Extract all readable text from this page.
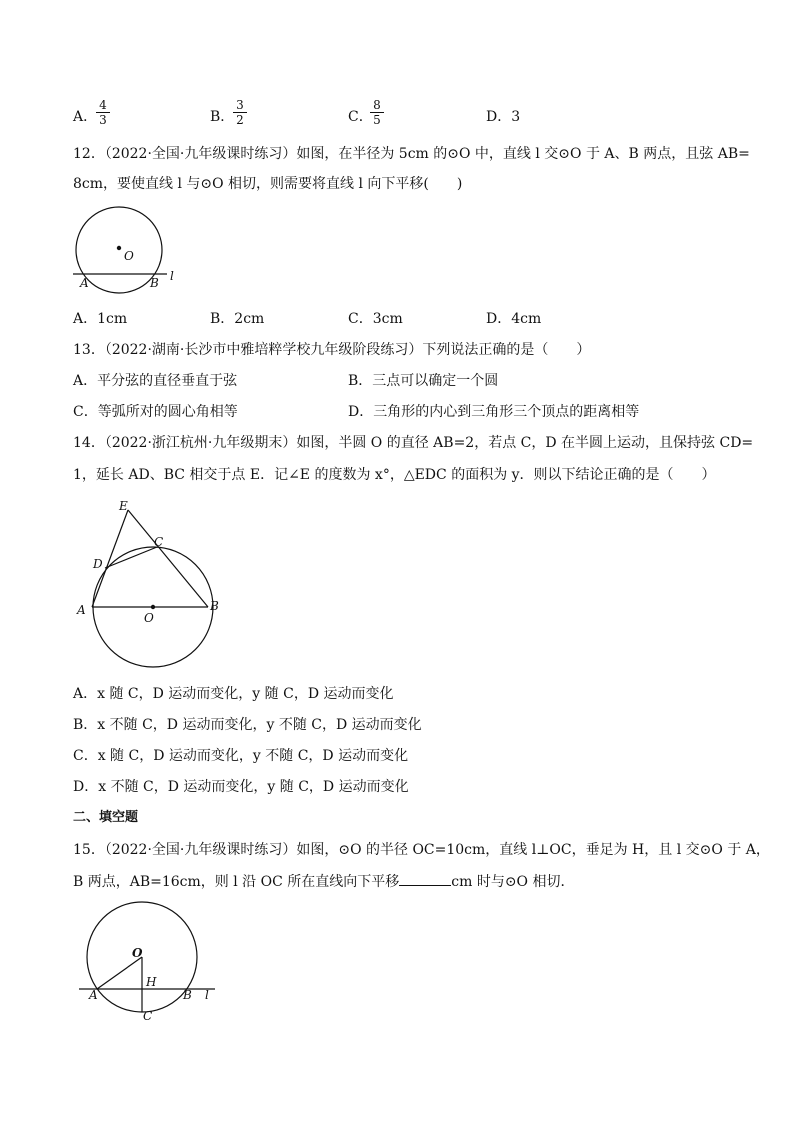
A．
$\frac{4}{3}$	B．
$\frac{3}{2}$	C．
$\frac{8}{5}$	D．3
12．（2022·全国·九年级课时练习）如图，在半径为 5cm 的⊙O 中，直线 l 交⊙O 于 A、B 两点，且弦 AB=
8cm，要使直线 l 与⊙O 相切，则需要将直线 l 向下平移(　　)
O
A	B l
A．1cm	B．2cm	C．3cm	D．4cm
13．（2022·湖南·长沙市中雅培粹学校九年级阶段练习）下列说法正确的是（　　）
A．平分弦的直径垂直于弦	B．三点可以确定一个圆
C．等弧所对的圆心角相等	D．三角形的内心到三角形三个顶点的距离相等
14．（2022·浙江杭州·九年级期末）如图，半圆 O 的直径 AB=2，若点 C，D 在半圆上运动，且保持弦 CD=
1，延长 AD、BC 相交于点 E．记∠E 的度数为 x°，△EDC 的面积为 y．则以下结论正确的是（　　）
E
C
D
A	B
O
A．x 随 C，D 运动而变化，y 随 C，D 运动而变化
B．x 不随 C，D 运动而变化，y 不随 C，D 运动而变化
C．x 随 C，D 运动而变化，y 不随 C，D 运动而变化
D．x 不随 C，D 运动而变化，y 随 C，D 运动而变化
二、填空题
15．（2022·全国·九年级课时练习）如图，⊙O 的半径 OC=10cm，直线 l⊥OC，垂足为 H，且 l 交⊙O 于 A，
B 两点，AB=16cm，则 l 沿 OC 所在直线向下平移	cm 时与⊙O 相切．
O
H
A	B l
C
